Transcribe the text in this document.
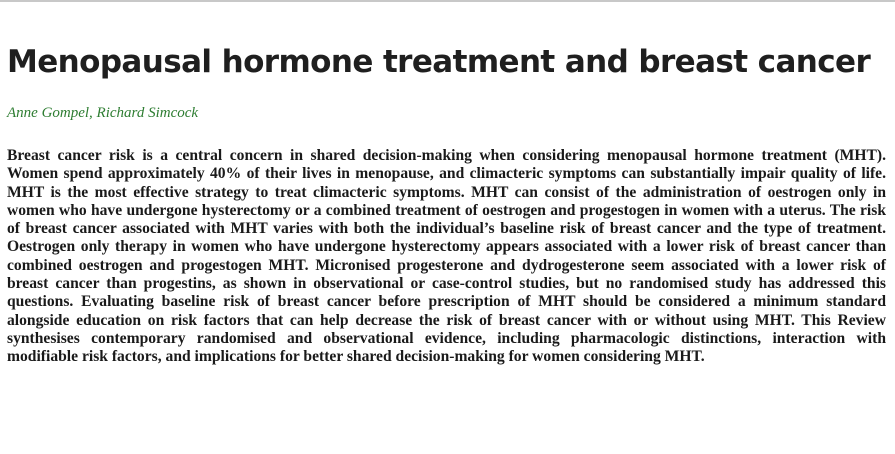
Menopausal hormone treatment and breast cancer
Anne Gompel, Richard Simcock

Breast cancer risk is a central concern in shared decision-making when considering menopausal hormone treatment (MHT). Women spend approximately 40% of their lives in menopause, and climacteric symptoms can substantially impair quality of life. MHT is the most effective strategy to treat climacteric symptoms. MHT can consist of the administration of oestrogen only in women who have undergone hysterectomy or a combined treatment of oestrogen and progestogen in women with a uterus. The risk of breast cancer associated with MHT varies with both the individual’s baseline risk of breast cancer and the type of treatment. Oestrogen only therapy in women who have undergone hysterectomy appears associated with a lower risk of breast cancer than combined oestrogen and progestogen MHT. Micronised progesterone and dydrogesterone seem associated with a lower risk of breast cancer than progestins, as shown in observational or case-control studies, but no randomised study has addressed this questions. Evaluating baseline risk of breast cancer before prescription of MHT should be considered a minimum standard alongside education on risk factors that can help decrease the risk of breast cancer with or without using MHT. This Review synthesises contemporary randomised and observational evidence, including pharmacologic distinctions, interaction with modifiable risk factors, and implications for better shared decision-making for women considering MHT.
